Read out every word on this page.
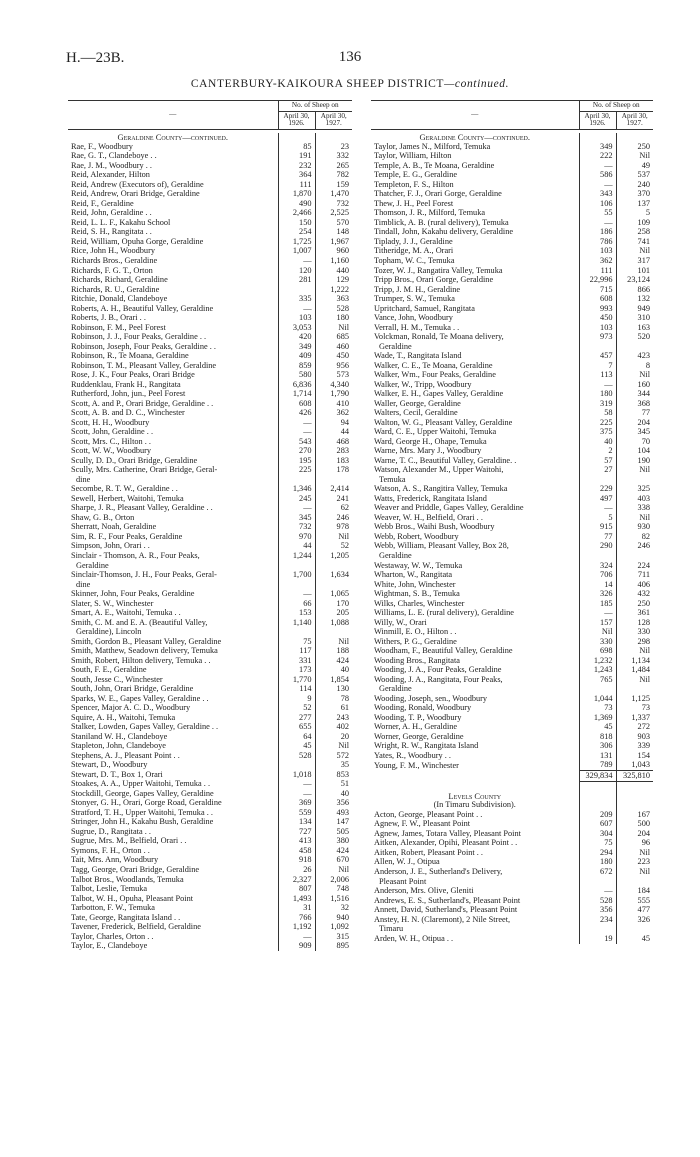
H.—23B.	136
CANTERBURY-KAIKOURA SHEEP DISTRICT—continued.
—	No. of Sheep on	
	April 30, 1926.	April 30, 1927.

Geraldine County—continued.		
Rae, F., Woodbury	85	23
Rae, G. T., Clandeboye . .	191	332
Rae, J. M., Woodbury . .	232	265
Reid, Alexander, Hilton	364	782
Reid, Andrew (Executors of), Geraldine	111	159
Reid, Andrew, Orari Bridge, Geraldine	1,870	1,470
Reid, F., Geraldine	490	732
Reid, John, Geraldine . .	2,466	2,525
Reid, L. L. F., Kakahu School	150	570
Reid, S. H., Rangitata . .	254	148
Reid, William, Opuha Gorge, Geraldine	1,725	1,967
Rice, John H., Woodbury	1,007	960
Richards Bros., Geraldine	—	1,160
Richards, F. G. T., Orton	120	440
Richards, Richard, Geraldine	281	129
Richards, R. U., Geraldine		1,222
Ritchie, Donald, Clandeboye	335	363
Roberts, A. H., Beautiful Valley, Geraldine	—	528
Roberts, J. B., Orari . .	103	180
Robinson, F. M., Peel Forest	3,053	Nil
Robinson, J. J., Four Peaks, Geraldine . .	420	685
Robinson, Joseph, Four Peaks, Geraldine . .	349	460
Robinson, R., Te Moana, Geraldine	409	450
Robinson, T. M., Pleasant Valley, Geraldine	859	956
Rose, J. K., Four Peaks, Orari Bridge	580	573
Ruddenklau, Frank H., Rangitata	6,836	4,340
Rutherford, John, jun., Peel Forest	1,714	1,790
Scott, A. and P., Orari Bridge, Geraldine . .	608	410
Scott, A. B. and D. C., Winchester	426	362
Scott, H. H., Woodbury	—	94
Scott, John, Geraldine . .	—	44
Scott, Mrs. C., Hilton . .	543	468
Scott, W. W., Woodbury	270	283
Scully, D. D., Orari Bridge, Geraldine	195	183
Scully, Mrs. Catherine, Orari Bridge, Geral-	225	178
dine		
Secombe, R. T. W., Geraldine . .	1,346	2,414
Sewell, Herbert, Waitohi, Temuka	245	241
Sharpe, J. R., Pleasant Valley, Geraldine . .	—	62
Shaw, G. B., Orton	345	246
Sherratt, Noah, Geraldine	732	978
Sim, R. F., Four Peaks, Geraldine	970	Nil
Simpson, John, Orari . .	44	52
Sinclair - Thomson, A. R., Four Peaks,	1,244	1,205
Geraldine		
Sinclair-Thomson, J. H., Four Peaks, Geral-	1,700	1,634
dine		
Skinner, John, Four Peaks, Geraldine	—	1,065
Slater, S. W., Winchester	66	170
Smart, A. E., Waitohi, Temuka . .	153	205
Smith, C. M. and E. A. (Beautiful Valley,	1,140	1,088
Geraldine), Lincoln		
Smith, Gordon B., Pleasant Valley, Geraldine	75	Nil
Smith, Matthew, Seadown delivery, Temuka	117	188
Smith, Robert, Hilton delivery, Temuka . .	331	424
South, F. E., Geraldine	173	40
South, Jesse C., Winchester	1,770	1,854
South, John, Orari Bridge, Geraldine	114	130
Sparks, W. E., Gapes Valley, Geraldine . .	9	78
Spencer, Major A. C. D., Woodbury	52	61
Squire, A. H., Waitohi, Temuka	277	243
Stalker, Lowden, Gapes Valley, Geraldine . .	655	402
Staniland W. H., Clandeboye	64	20
Stapleton, John, Clandeboye	45	Nil
Stephens, A. J., Pleasant Point . .	528	572
Stewart, D., Woodbury		35
Stewart, D. T., Box 1, Orari	1,018	853
Stoakes, A. A., Upper Waitohi, Temuka . .	—	51
Stockdill, George, Gapes Valley, Geraldine	—	40
Stonyer, G. H., Orari, Gorge Road, Geraldine	369	356
Stratford, T. H., Upper Waitohi, Temuka . .	559	493
Stringer, John H., Kakahu Bush, Geraldine	134	147
Sugrue, D., Rangitata . .	727	505
Sugrue, Mrs. M., Belfield, Orari . .	413	380
Symons, F. H., Orton . .	458	424
Tait, Mrs. Ann, Woodbury	918	670
Tagg, George, Orari Bridge, Geraldine	26	Nil
Talbot Bros., Woodlands, Temuka	2,327	2,006
Talbot, Leslie, Temuka	807	748
Talbot, W. H., Opuha, Pleasant Point	1,493	1,516
Tarbotton, F. W., Temuka	31	32
Tate, George, Rangitata Island . .	766	940
Tavener, Frederick, Belfield, Geraldine	1,192	1,092
Taylor, Charles, Orton . .	—	315
Taylor, E., Clandeboye	909	895
—	No. of Sheep on	
	April 30, 1926.	April 30, 1927.

Geraldine County—continued.		
Taylor, James N., Milford, Temuka	349	250
Taylor, William, Hilton	222	Nil
Temple, A. B., Te Moana, Geraldine	—	49
Temple, E. G., Geraldine	586	537
Templeton, F. S., Hilton	—	240
Thatcher, F. J., Orari Gorge, Geraldine	343	370
Thew, J. H., Peel Forest	106	137
Thomson, J. R., Milford, Temuka	55	5
Timblick, A. B. (rural delivery), Temuka	—	109
Tindall, John, Kakahu delivery, Geraldine	186	258
Tiplady, J. J., Geraldine	786	741
Titheridge, M. A., Orari	103	Nil
Topham, W. C., Temuka	362	317
Tozer, W. J., Rangatira Valley, Temuka	111	101
Tripp Bros., Orari Gorge, Geraldine	22,996	23,124
Tripp, J. M. H., Geraldine	715	866
Trumper, S. W., Temuka	608	132
Upritchard, Samuel, Rangitata	993	949
Vance, John, Woodbury	450	310
Verrall, H. M., Temuka . .	103	163
Volckman, Ronald, Te Moana delivery,	973	520
Geraldine		
Wade, T., Rangitata Island	457	423
Walker, C. E., Te Moana, Geraldine	7	8
Walker, Wm., Four Peaks, Geraldine	113	Nil
Walker, W., Tripp, Woodbury	—	160
Walker, E. H., Gapes Valley, Geraldine	180	344
Waller, George, Geraldine	319	368
Walters, Cecil, Geraldine	58	77
Walton, W. G., Pleasant Valley, Geraldine	225	204
Ward, C. E., Upper Waitohi, Temuka	375	345
Ward, George H., Ohape, Temuka	40	70
Warne, Mrs. Mary J., Woodbury	2	104
Warne, T. C., Beautiful Valley, Geraldine. .	57	190
Watson, Alexander M., Upper Waitohi,	27	Nil
Temuka		
Watson, A. S., Rangitira Valley, Temuka	229	325
Watts, Frederick, Rangitata Island	497	403
Weaver and Priddle, Gapes Valley, Geraldine	—	338
Weaver, W. H., Belfield, Orari . .	5	Nil
Webb Bros., Waihi Bush, Woodbury	915	930
Webb, Robert, Woodbury	77	82
Webb, William, Pleasant Valley, Box 28,	290	246
Geraldine		
Westaway, W. W., Temuka	324	224
Wharton, W., Rangitata	706	711
White, John, Winchester	14	406
Wightman, S. B., Temuka	326	432
Wilks, Charles, Winchester	185	250
Williams, L. E. (rural delivery), Geraldine	—	361
Willy, W., Orari	157	128
Winmill, E. O., Hilton . .	Nil	330
Withers, P. G., Geraldine	330	298
Woodham, F., Beautiful Valley, Geraldine	698	Nil
Wooding Bros., Rangitata	1,232	1,134
Wooding, J. A., Four Peaks, Geraldine	1,243	1,484
Wooding, J. A., Rangitata, Four Peaks,	765	Nil
Geraldine		
Wooding, Joseph, sen., Woodbury	1,044	1,125
Wooding, Ronald, Woodbury	73	73
Wooding, T. P., Woodbury	1,369	1,337
Worner, A. H., Geraldine	45	272
Worner, George, Geraldine	818	903
Wright, R. W., Rangitata Island	306	339
Yates, R., Woodbury . .	131	154
Young, F. M., Winchester	789	1,043
	329,834	325,810

Levels County		
(In Timaru Subdivision).		
Acton, George, Pleasant Point . .	209	167
Agnew, F. W., Pleasant Point	607	500
Agnew, James, Totara Valley, Pleasant Point	304	204
Aitken, Alexander, Opihi, Pleasant Point . .	75	96
Aitken, Robert, Pleasant Point . .	294	Nil
Allen, W. J., Otipua	180	223
Anderson, J. E., Sutherland's Delivery,	672	Nil
Pleasant Point		
Anderson, Mrs. Olive, Gleniti	—	184
Andrews, E. S., Sutherland's, Pleasant Point	528	555
Annett, David, Sutherland's, Pleasant Point	356	477
Anstey, H. N. (Claremont), 2 Nile Street,	234	326
Timaru		
Arden, W. H., Otipua . .	19	45
